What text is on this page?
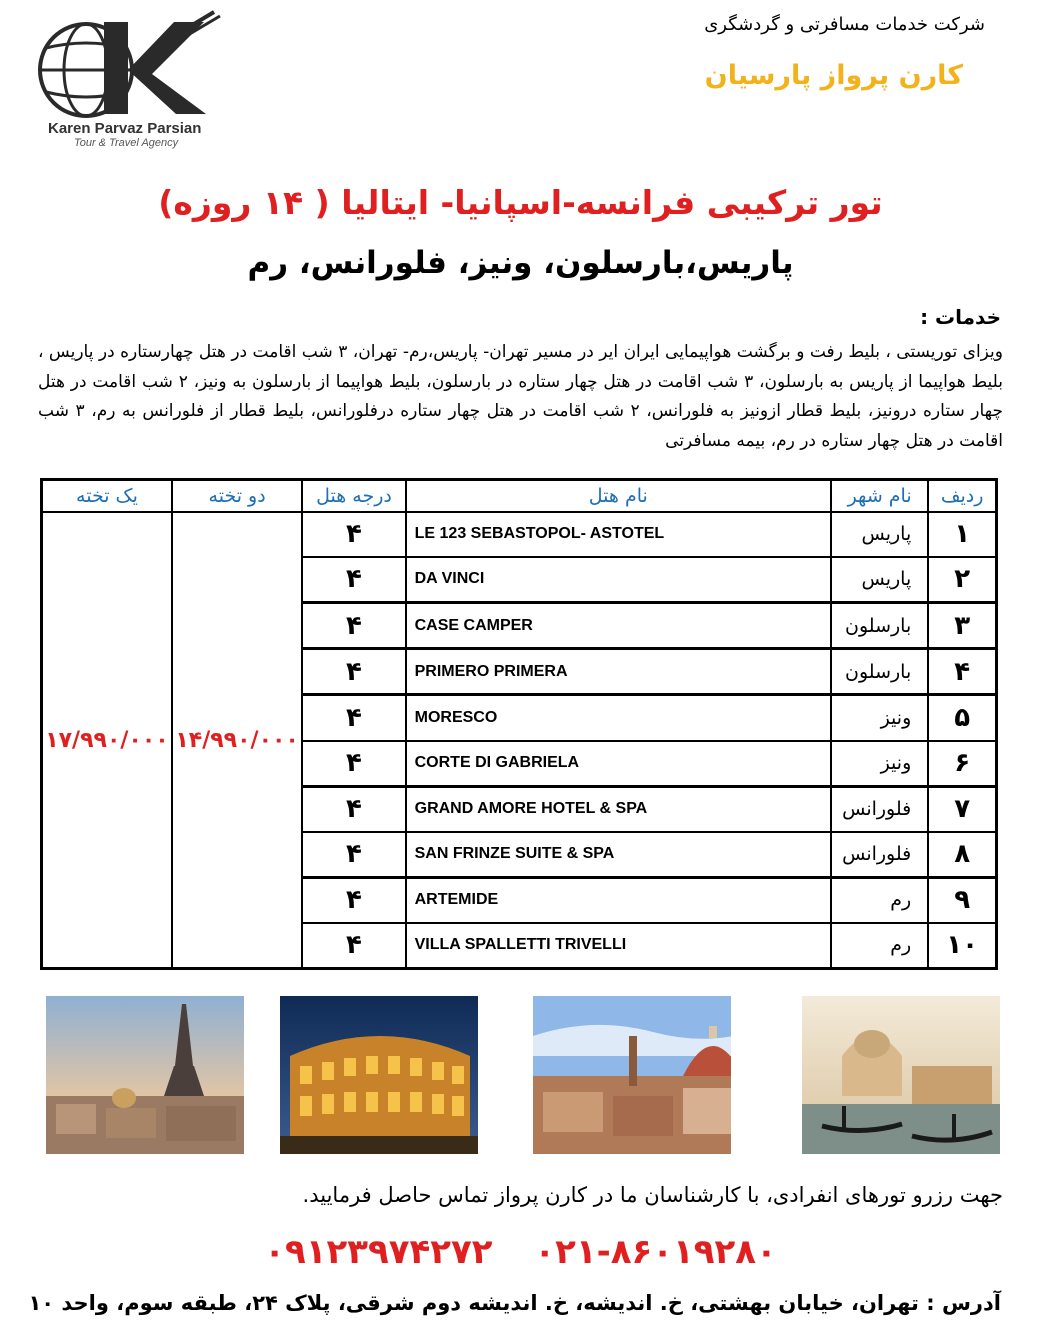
Karen Parvaz Parsian
Tour & Travel Agency
شرکت خدمات مسافرتی و گردشگری
کارن پرواز پارسیان
تور ترکیبی فرانسه-اسپانیا- ایتالیا ( ۱۴ روزه)
پاریس،بارسلون، ونیز، فلورانس، رم
خدمات :
ویزای توریستی ، بلیط رفت و برگشت هواپیمایی ایران ایر در مسیر تهران- پاریس،رم- تهران، ۳ شب اقامت در هتل چهارستاره در پاریس ، بلیط هواپیما از پاریس به بارسلون، ۳ شب اقامت در هتل چهار ستاره در بارسلون، بلیط هواپیما از بارسلون به ونیز، ۲ شب اقامت در هتل چهار ستاره درونیز، بلیط قطار ازونیز به فلورانس، ۲ شب اقامت در هتل چهار ستاره درفلورانس، بلیط قطار از فلورانس به رم، ۳ شب اقامت در هتل چهار ستاره در رم، بیمه مسافرتی
یک تخته	دو تخته	درجه هتل	نام هتل	نام شهر	ردیف
۱۷/۹۹۰/۰۰۰	۱۴/۹۹۰/۰۰۰	۴	LE 123 SEBASTOPOL- ASTOTEL	پاریس	۱
		۴	DA VINCI	پاریس	۲
		۴	CASE CAMPER	بارسلون	۳
		۴	PRIMERO PRIMERA	بارسلون	۴
		۴	MORESCO	ونیز	۵
		۴	CORTE DI GABRIELA	ونیز	۶
		۴	GRAND AMORE HOTEL & SPA	فلورانس	۷
		۴	SAN FRINZE SUITE & SPA	فلورانس	۸
		۴	ARTEMIDE	رم	۹
		۴	VILLA SPALLETTI TRIVELLI	رم	۱۰
جهت رزرو تورهای انفرادی، با کارشناسان ما در کارن پرواز تماس حاصل فرمایید.
۰۲۱-۸۶۰۱۹۲۸۰ ۰۹۱۲۳۹۷۴۲۷۲
آدرس : تهران، خیابان بهشتی، خ. اندیشه، خ. اندیشه دوم شرقی، پلاک ۲۴، طبقه سوم، واحد ۱۰
